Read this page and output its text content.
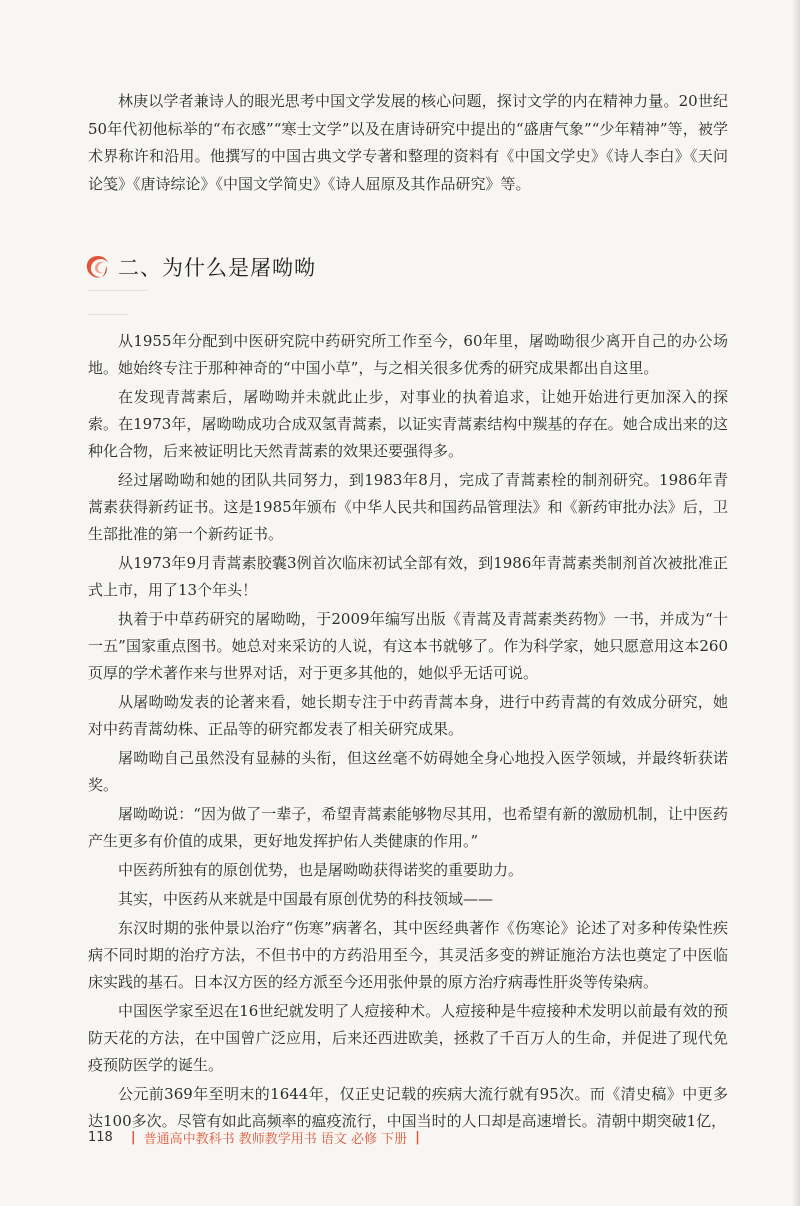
林庚以学者兼诗人的眼光思考中国文学发展的核心问题，探讨文学的内在精神力量。20世纪50年代初他标举的“布衣感”“寒士文学”以及在唐诗研究中提出的“盛唐气象”“少年精神”等，被学术界称许和沿用。他撰写的中国古典文学专著和整理的资料有《中国文学史》《诗人李白》《天问论笺》《唐诗综论》《中国文学简史》《诗人屈原及其作品研究》等。

二、为什么是屠呦呦

从1955年分配到中医研究院中药研究所工作至今，60年里，屠呦呦很少离开自己的办公场地。她始终专注于那种神奇的“中国小草”，与之相关很多优秀的研究成果都出自这里。

在发现青蒿素后，屠呦呦并未就此止步，对事业的执着追求，让她开始进行更加深入的探索。在1973年，屠呦呦成功合成双氢青蒿素，以证实青蒿素结构中羰基的存在。她合成出来的这种化合物，后来被证明比天然青蒿素的效果还要强得多。

经过屠呦呦和她的团队共同努力，到1983年8月，完成了青蒿素栓的制剂研究。1986年青蒿素获得新药证书。这是1985年颁布《中华人民共和国药品管理法》和《新药审批办法》后，卫生部批准的第一个新药证书。

从1973年9月青蒿素胶囊3例首次临床初试全部有效，到1986年青蒿素类制剂首次被批准正式上市，用了13个年头！

执着于中草药研究的屠呦呦，于2009年编写出版《青蒿及青蒿素类药物》一书，并成为“十一五”国家重点图书。她总对来采访的人说，有这本书就够了。作为科学家，她只愿意用这本260页厚的学术著作来与世界对话，对于更多其他的，她似乎无话可说。

从屠呦呦发表的论著来看，她长期专注于中药青蒿本身，进行中药青蒿的有效成分研究，她对中药青蒿幼株、正品等的研究都发表了相关研究成果。

屠呦呦自己虽然没有显赫的头衔，但这丝毫不妨碍她全身心地投入医学领域，并最终斩获诺奖。

屠呦呦说：“因为做了一辈子，希望青蒿素能够物尽其用，也希望有新的激励机制，让中医药产生更多有价值的成果，更好地发挥护佑人类健康的作用。”

中医药所独有的原创优势，也是屠呦呦获得诺奖的重要助力。

其实，中医药从来就是中国最有原创优势的科技领域——

东汉时期的张仲景以治疗“伤寒”病著名，其中医经典著作《伤寒论》论述了对多种传染性疾病不同时期的治疗方法，不但书中的方药沿用至今，其灵活多变的辨证施治方法也奠定了中医临床实践的基石。日本汉方医的经方派至今还用张仲景的原方治疗病毒性肝炎等传染病。

中国医学家至迟在16世纪就发明了人痘接种术。人痘接种是牛痘接种术发明以前最有效的预防天花的方法，在中国曾广泛应用，后来还西进欧美，拯救了千百万人的生命，并促进了现代免疫预防医学的诞生。

公元前369年至明末的1644年，仅正史记载的疾病大流行就有95次。而《清史稿》中更多达100多次。尽管有如此高频率的瘟疫流行，中国当时的人口却是高速增长。清朝中期突破1亿，

118 | 普通高中教科书 教师教学用书 语文 必修 下册 |
